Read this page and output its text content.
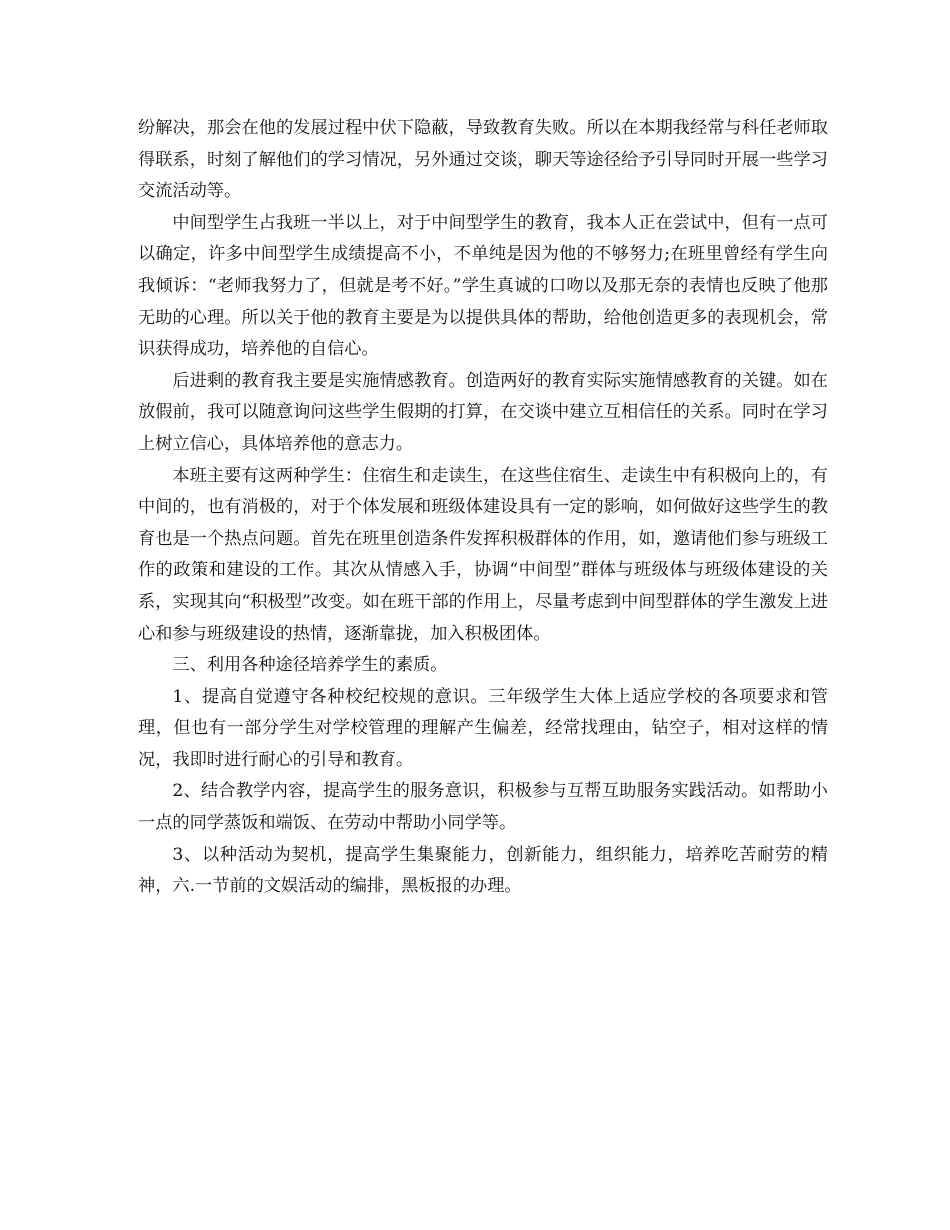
纷解决，那会在他的发展过程中伏下隐蔽，导致教育失败。所以在本期我经常与科任老师取得联系，时刻了解他们的学习情况，另外通过交谈，聊天等途径给予引导同时开展一些学习交流活动等。

中间型学生占我班一半以上，对于中间型学生的教育，我本人正在尝试中，但有一点可以确定，许多中间型学生成绩提高不小，不单纯是因为他的不够努力;在班里曾经有学生向我倾诉：“老师我努力了，但就是考不好。”学生真诚的口吻以及那无奈的表情也反映了他那无助的心理。所以关于他的教育主要是为以提供具体的帮助，给他创造更多的表现机会，常识获得成功，培养他的自信心。

后进剩的教育我主要是实施情感教育。创造两好的教育实际实施情感教育的关键。如在放假前，我可以随意询问这些学生假期的打算，在交谈中建立互相信任的关系。同时在学习上树立信心，具体培养他的意志力。

本班主要有这两种学生：住宿生和走读生，在这些住宿生、走读生中有积极向上的，有中间的，也有消极的，对于个体发展和班级体建设具有一定的影响，如何做好这些学生的教育也是一个热点问题。首先在班里创造条件发挥积极群体的作用，如，邀请他们参与班级工作的政策和建设的工作。其次从情感入手，协调“中间型”群体与班级体与班级体建设的关系，实现其向“积极型”改变。如在班干部的作用上，尽量考虑到中间型群体的学生激发上进心和参与班级建设的热情，逐渐靠拢，加入积极团体。

三、利用各种途径培养学生的素质。

1、提高自觉遵守各种校纪校规的意识。三年级学生大体上适应学校的各项要求和管理，但也有一部分学生对学校管理的理解产生偏差，经常找理由，钻空子，相对这样的情况，我即时进行耐心的引导和教育。

2、结合教学内容，提高学生的服务意识，积极参与互帮互助服务实践活动。如帮助小一点的同学蒸饭和端饭、在劳动中帮助小同学等。

3、以种活动为契机，提高学生集聚能力，创新能力，组织能力，培养吃苦耐劳的精神，六.一节前的文娱活动的编排，黑板报的办理。
